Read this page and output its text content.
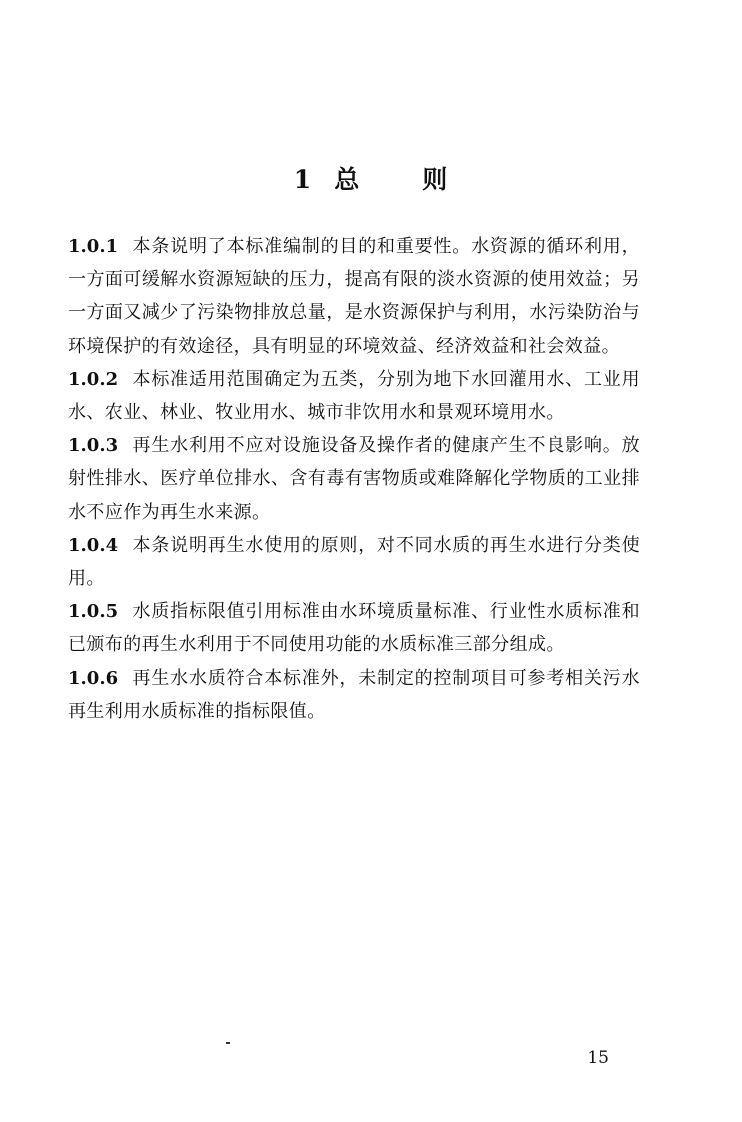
1 总 则

1.0.1 本条说明了本标准编制的目的和重要性。水资源的循环利用，一方面可缓解水资源短缺的压力，提高有限的淡水资源的使用效益；另一方面又减少了污染物排放总量，是水资源保护与利用，水污染防治与环境保护的有效途径，具有明显的环境效益、经济效益和社会效益。

1.0.2 本标准适用范围确定为五类，分别为地下水回灌用水、工业用水、农业、林业、牧业用水、城市非饮用水和景观环境用水。

1.0.3 再生水利用不应对设施设备及操作者的健康产生不良影响。放射性排水、医疗单位排水、含有毒有害物质或难降解化学物质的工业排水不应作为再生水来源。

1.0.4 本条说明再生水使用的原则，对不同水质的再生水进行分类使用。

1.0.5 水质指标限值引用标准由水环境质量标准、行业性水质标准和已颁布的再生水利用于不同使用功能的水质标准三部分组成。

1.0.6 再生水水质符合本标准外，未制定的控制项目可参考相关污水再生利用水质标准的指标限值。

15
